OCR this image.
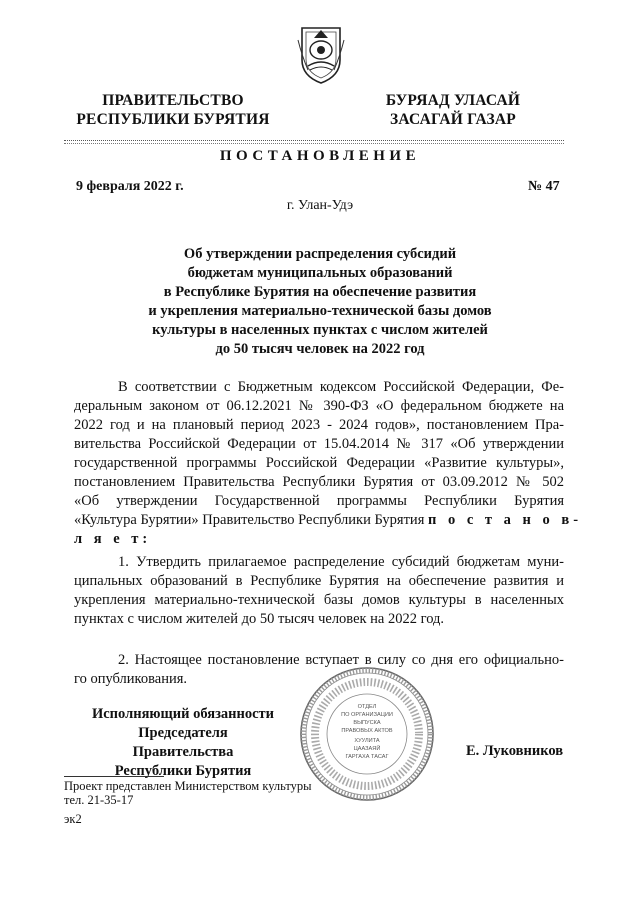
ПРАВИТЕЛЬСТВО
РЕСПУБЛИКИ БУРЯТИЯ
БУРЯАД УЛАСАЙ
ЗАСАГАЙ ГАЗАР
ПОСТАНОВЛЕНИЕ
9 февраля 2022 г.	№ 47
г. Улан-Удэ
Об утверждении распределения субсидий
бюджетам муниципальных образований
в Республике Бурятия на обеспечение развития
и укрепления материально-технической базы домов
культуры в населенных пунктах с числом жителей
до 50 тысяч человек на 2022 год
В соответствии с Бюджетным кодексом Российской Федерации, Фе-
деральным законом от 06.12.2021 № 390-ФЗ «О федеральном бюджете на
2022 год и на плановый период 2023 - 2024 годов», постановлением Пра-
вительства Российской Федерации от 15.04.2014 № 317 «Об утверждении
государственной программы Российской Федерации «Развитие культуры»,
постановлением Правительства Республики Бурятия от 03.09.2012 № 502
«Об утверждении Государственной программы Республики Бурятия
«Культура Бурятии» Правительство Республики Бурятия п о с т а н о в-
л я е т:
1. Утвердить прилагаемое распределение субсидий бюджетам муни-
ципальных образований в Республике Бурятия на обеспечение развития и
укрепления материально-технической базы домов культуры в населенных
пунктах с числом жителей до 50 тысяч человек на 2022 год.
2. Настоящее постановление вступает в силу со дня его официально-
го опубликования.
ОТДЕЛ
ПО ОРГАНИЗАЦИИ
ВЫПУСКА
ПРАВОВЫХ АКТОВ
ХУУЛИТА
ЦААЗАЯЙ
ГАРГАХА ТАСАГ
Исполняющий обязанности
Председателя Правительства
Республики Бурятия
Е. Луковников
Проект представлен Министерством культуры
тел. 21-35-17
эк2
